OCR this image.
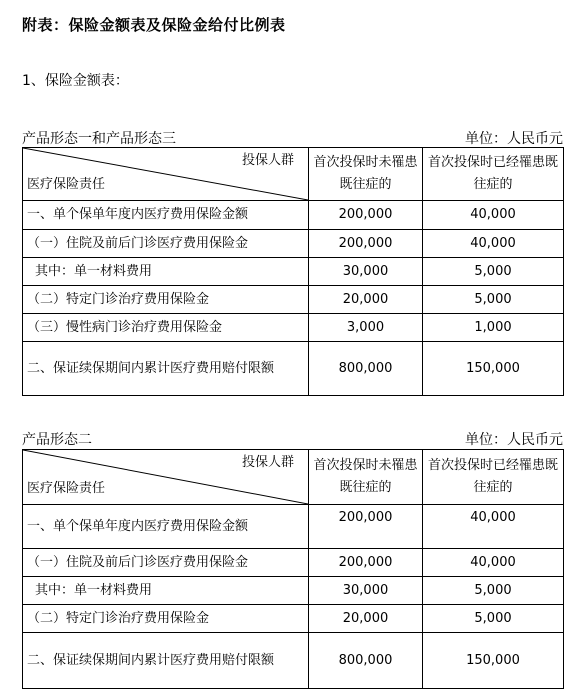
附表：保险金额表及保险金给付比例表
1、保险金额表：
产品形态一和产品形态三	单位：人民币元
投保人群
医疗保险责任	首次投保时未罹患既往症的	首次投保时已经罹患既往症的
一、单个保单年度内医疗费用保险金额	200,000	40,000
（一）住院及前后门诊医疗费用保险金	200,000	40,000
其中：单一材料费用	30,000	5,000
（二）特定门诊治疗费用保险金	20,000	5,000
（三）慢性病门诊治疗费用保险金	3,000	1,000
二、保证续保期间内累计医疗费用赔付限额	800,000	150,000
产品形态二	单位：人民币元
投保人群
医疗保险责任	首次投保时未罹患既往症的	首次投保时已经罹患既往症的
一、单个保单年度内医疗费用保险金额	200,000	40,000
（一）住院及前后门诊医疗费用保险金	200,000	40,000
其中：单一材料费用	30,000	5,000
（二）特定门诊治疗费用保险金	20,000	5,000
二、保证续保期间内累计医疗费用赔付限额	800,000	150,000
